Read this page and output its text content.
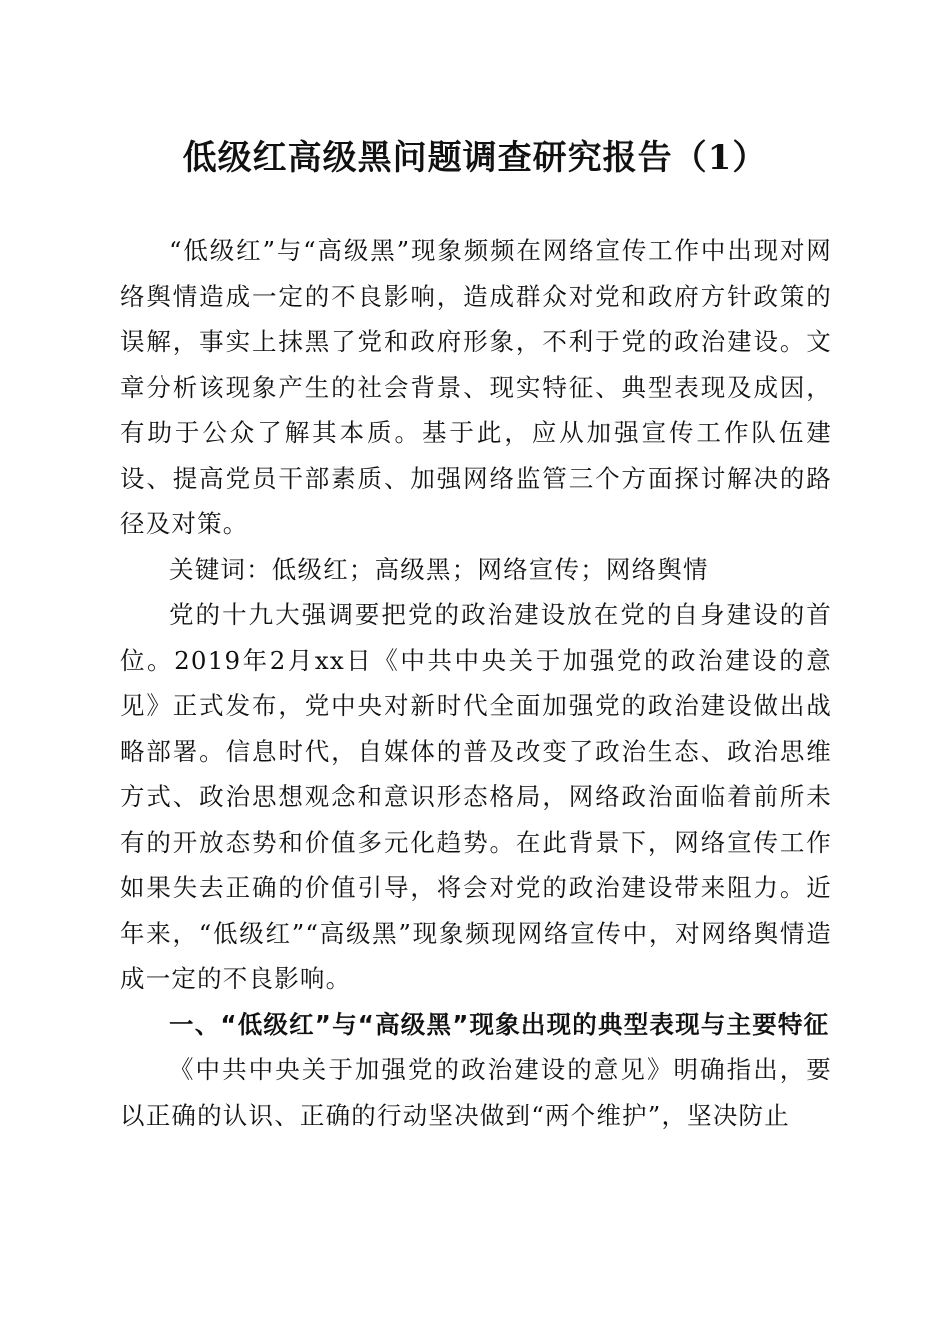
低级红高级黑问题调查研究报告（1）

“低级红”与“高级黑”现象频频在网络宣传工作中出现对网络舆情造成一定的不良影响，造成群众对党和政府方针政策的误解，事实上抹黑了党和政府形象，不利于党的政治建设。文章分析该现象产生的社会背景、现实特征、典型表现及成因，有助于公众了解其本质。基于此，应从加强宣传工作队伍建设、提高党员干部素质、加强网络监管三个方面探讨解决的路径及对策。

关键词：低级红；高级黑；网络宣传；网络舆情

党的十九大强调要把党的政治建设放在党的自身建设的首位。2019年2月xx日《中共中央关于加强党的政治建设的意见》正式发布，党中央对新时代全面加强党的政治建设做出战略部署。信息时代，自媒体的普及改变了政治生态、政治思维方式、政治思想观念和意识形态格局，网络政治面临着前所未有的开放态势和价值多元化趋势。在此背景下，网络宣传工作如果失去正确的价值引导，将会对党的政治建设带来阻力。近年来，“低级红”“高级黑”现象频现网络宣传中，对网络舆情造成一定的不良影响。

一、“低级红”与“高级黑”现象出现的典型表现与主要特征

《中共中央关于加强党的政治建设的意见》明确指出，要以正确的认识、正确的行动坚决做到“两个维护”，坚决防止
